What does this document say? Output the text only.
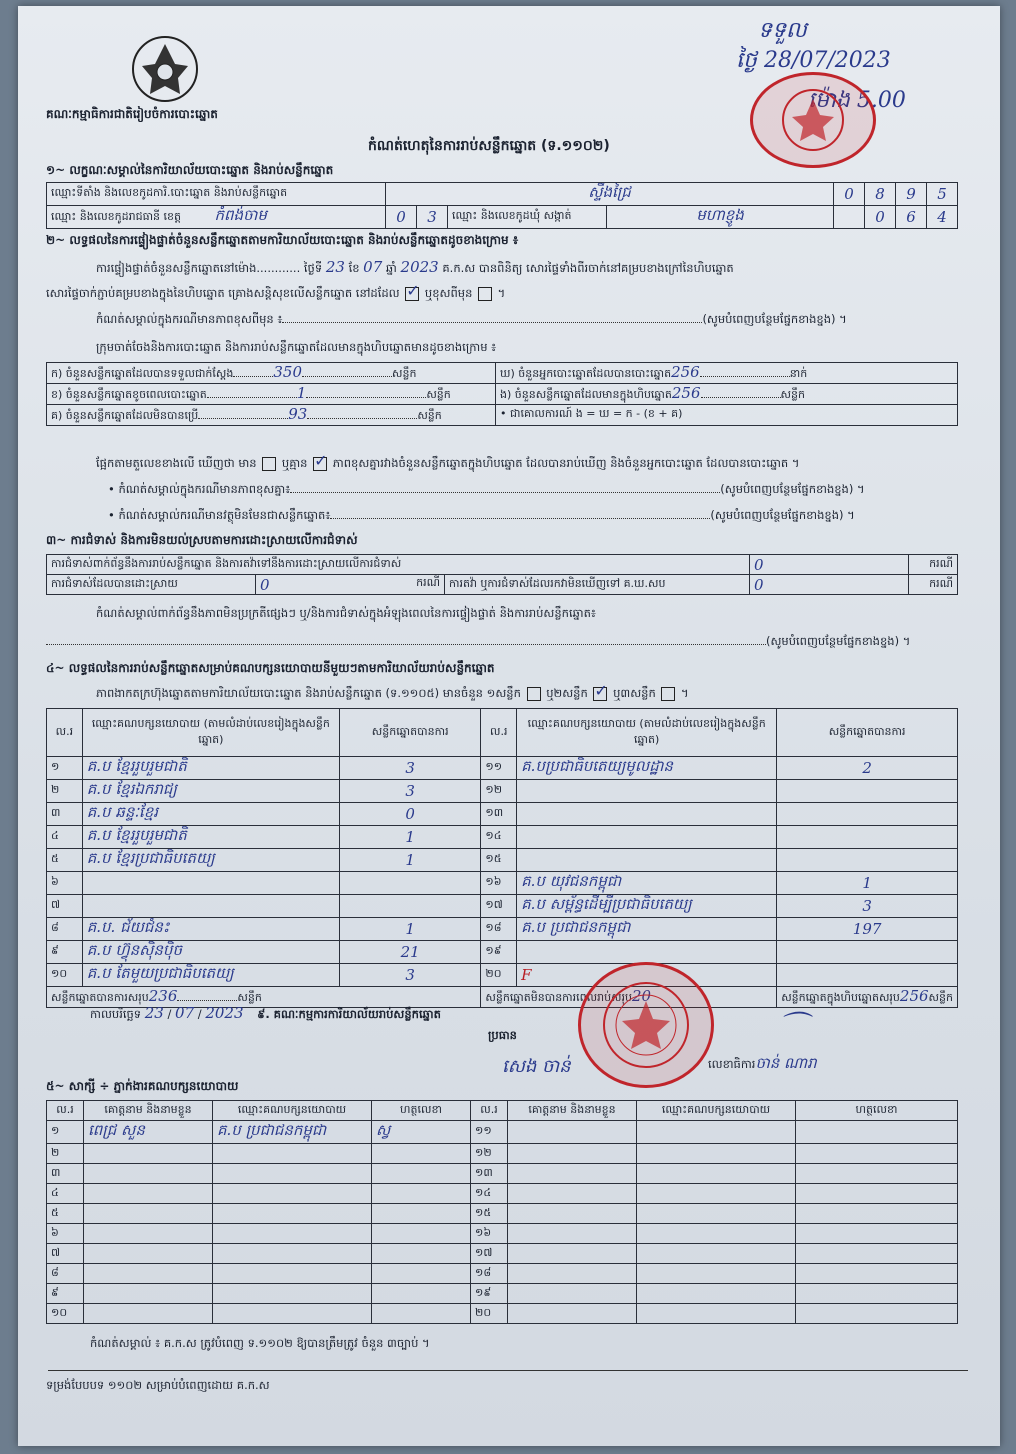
គណៈកម្មាធិការជាតិរៀបចំការបោះឆ្នោត
ទទួល
ថ្ងៃ 28/07/2023
ម៉ោង 5.00
កំណត់ហេតុនៃការរាប់សន្លឹកឆ្នោត (ទ.១១០២)
១~ លក្ខណៈសម្គាល់នៃការិយាល័យបោះឆ្នោត និងរាប់សន្លឹកឆ្នោត
ឈ្មោះទីតាំង និងលេខកូដការិ.បោះឆ្នោត និងរាប់សន្លឹកឆ្នោត	ស្ទឹងជ្រៃ				0	8	9	5
ឈ្មោះ និងលេខកូដរាជធានី ខេត្ត កំពង់ចាម	0	3	ឈ្មោះ និងលេខកូដឃុំ សង្កាត់	មហាខ្ញូង		0	6	4
២~ លទ្ធផលនៃការផ្ទៀងផ្ទាត់ចំនួនសន្លឹកឆ្នោតតាមការិយាល័យបោះឆ្នោត និងរាប់សន្លឹកឆ្នោតដូចខាងក្រោម ៖
ការផ្ទៀងផ្ទាត់ចំនួនសន្លឹកឆ្នោតនៅម៉ោង............ ថ្ងៃទី 23 ខែ 07 ឆ្នាំ 2023 គ.ក.ស បានពិនិត្យ សោរផ្ទៃទាំងពីរចាក់នៅគម្របខាងក្រៅនៃហិបឆ្នោត
សោរផ្ទៃចាក់ភ្ជាប់គម្របខាងក្នុងនៃហិបឆ្នោត គ្រោងសន្តិសុខលើសន្លឹកឆ្នោត នៅដដែល ✓ ឬខុសពីមុន  ។
កំណត់សម្គាល់ក្នុងករណីមានភាពខុសពីមុន ៖	(សូមបំពេញបន្ថែមផ្នែកខាងខ្នង) ។
ក្រុមចាត់ចែងនិងការបោះឆ្នោត និងការរាប់សន្លឹកឆ្នោតដែលមានក្នុងហិបឆ្នោតមានដូចខាងក្រោម ៖
ក) ចំនួនសន្លឹកឆ្នោតដែលបានទទួលជាក់ស្តែង 350 សន្លឹក	ឃ) ចំនួនអ្នកបោះឆ្នោតដែលបានបោះឆ្នោត256 នាក់
ខ) ចំនួនសន្លឹកឆ្នោតខូចពេលបោះឆ្នោត 1 សន្លឹក	ង) ចំនួនសន្លឹកឆ្នោតដែលមានក្នុងហិបឆ្នោត256 សន្លឹក
គ) ចំនួនសន្លឹកឆ្នោតដែលមិនបានប្រើ 93 សន្លឹក	• ជាគោលការណ៍ ង = ឃ = ក - (ខ + គ)
ផ្អែកតាមតួលេខខាងលើ ឃើញថា មាន ឬគ្មាន ✓ ភាពខុសគ្នារវាងចំនួនសន្លឹកឆ្នោតក្នុងហិបឆ្នោត ដែលបានរាប់ឃើញ និងចំនួនអ្នកបោះឆ្នោត ដែលបានបោះឆ្នោត ។
• កំណត់សម្គាល់ក្នុងករណីមានភាពខុសគ្នា៖	(សូមបំពេញបន្ថែមផ្នែកខាងខ្នង) ។
• កំណត់សម្គាល់ករណីមានវត្ថុមិនមែនជាសន្លឹកឆ្នោត៖	(សូមបំពេញបន្ថែមផ្នែកខាងខ្នង) ។
៣~ ការជំទាស់ និងការមិនយល់ស្របតាមការដោះស្រាយលើការជំទាស់
ការជំទាស់ពាក់ព័ន្ធនឹងការរាប់សន្លឹកឆ្នោត និងការតវ៉ាទៅនឹងការដោះស្រាយលើការជំទាស់			0	ករណី
ការជំទាស់ដែលបានដោះស្រាយ	0 ករណី	ការតវ៉ា ឬការជំទាស់ដែលរកវាមិនឃើញទៅ គ.ឃ.សប	0	ករណី
កំណត់សម្គាល់ពាក់ព័ន្ធនឹងភាពមិនប្រក្រតីផ្សេងៗ ឬ/និងការជំទាស់ក្នុងអំឡុងពេលនៃការផ្ទៀងផ្ទាត់ និងការរាប់សន្លឹកឆ្នោត៖
(សូមបំពេញបន្ថែមផ្នែកខាងខ្នង) ។
៤~ លទ្ធផលនៃការរាប់សន្លឹកឆ្នោតសម្រាប់គណបក្សនយោបាយនីមួយៗតាមការិយាល័យរាប់សន្លឹកឆ្នោត
ភាពងាកតក្រហ៊ុងឆ្នោតតាមការិយាល័យបោះឆ្នោត និងរាប់សន្លឹកឆ្នោត (ទ.១១០៥) មានចំនួន ១សន្លឹក ឬ២សន្លឹក ✓ ឬ៣សន្លឹក  ។
ល.រ	ឈ្មោះគណបក្សនយោបាយ (តាមលំដាប់លេខរៀងក្នុងសន្លឹកឆ្នោត)	សន្លឹកឆ្នោតបានការ	ល.រ	ឈ្មោះគណបក្សនយោបាយ (តាមលំដាប់លេខរៀងក្នុងសន្លឹកឆ្នោត)	សន្លឹកឆ្នោតបានការ
១	គ.ប ខ្មែររួបរួមជាតិ	3	១១	គ.បប្រជាធិបតេយ្យមូលដ្ឋាន	2
២	គ.ប ខ្មែរឯករាជ្យ	3	១២		
៣	គ.ប ឆន្ទៈខ្មែរ	0	១៣		
៤	គ.ប ខ្មែររួបរួមជាតិ	1	១៤		
៥	គ.ប ខ្មែរប្រជាធិបតេយ្យ	1	១៥		
៦			១៦	គ.ប យុវជនកម្ពុជា	1
៧			១៧	គ.ប សម្ព័ន្ធដើម្បីប្រជាធិបតេយ្យ	3
៨	គ.ប. ជ័យជំនះ	1	១៨	គ.ប ប្រជាជនកម្ពុជា	197
៩	គ.ប ហ៊្វុនស៊ិនប៉ិច	21	១៩		
១០	គ.ប តែមួយប្រជាធិបតេយ្យ	3	២០	F	
សន្លឹកឆ្នោតបានការសរុប236 សន្លឹក			សន្លឹកឆ្នោតមិនបានការពេលរាប់សរុប20		សន្លឹកឆ្នោតក្នុងហិបឆ្នោតសរុប256សន្លឹក
កាលបរិច្ឆេទ 23 / 07 / 2023 ៩. គណៈកម្មការការិយាល័យរាប់សន្លឹកឆ្នោត
ប្រធាន
សេង ចាន់	លេខាធិការចាន់ ណារា
⌒
៥~ សាក្សី ÷ ភ្នាក់ងារគណបក្សនយោបាយ
ល.រ	គោត្តនាម និងនាមខ្លួន	ឈ្មោះគណបក្សនយោបាយ	ហត្ថលេខា	ល.រ	គោត្តនាម និងនាមខ្លួន	ឈ្មោះគណបក្សនយោបាយ	ហត្ថលេខា
១	ពេជ្រ សួន	គ.ប ប្រជាជនកម្ពុជា	ស្វ	១១			
២				១២			
៣				១៣			
៤				១៤			
៥				១៥			
៦				១៦			
៧				១៧			
៨				១៨			
៩				១៩			
១០				២០			
កំណត់សម្គាល់ ៖ គ.ក.ស ត្រូវបំពេញ ទ.១១០២ ឱ្យបានត្រឹមត្រូវ ចំនួន ៣ច្បាប់ ។
ទម្រង់បែបបទ ១១០២ សម្រាប់បំពេញដោយ គ.ក.ស
